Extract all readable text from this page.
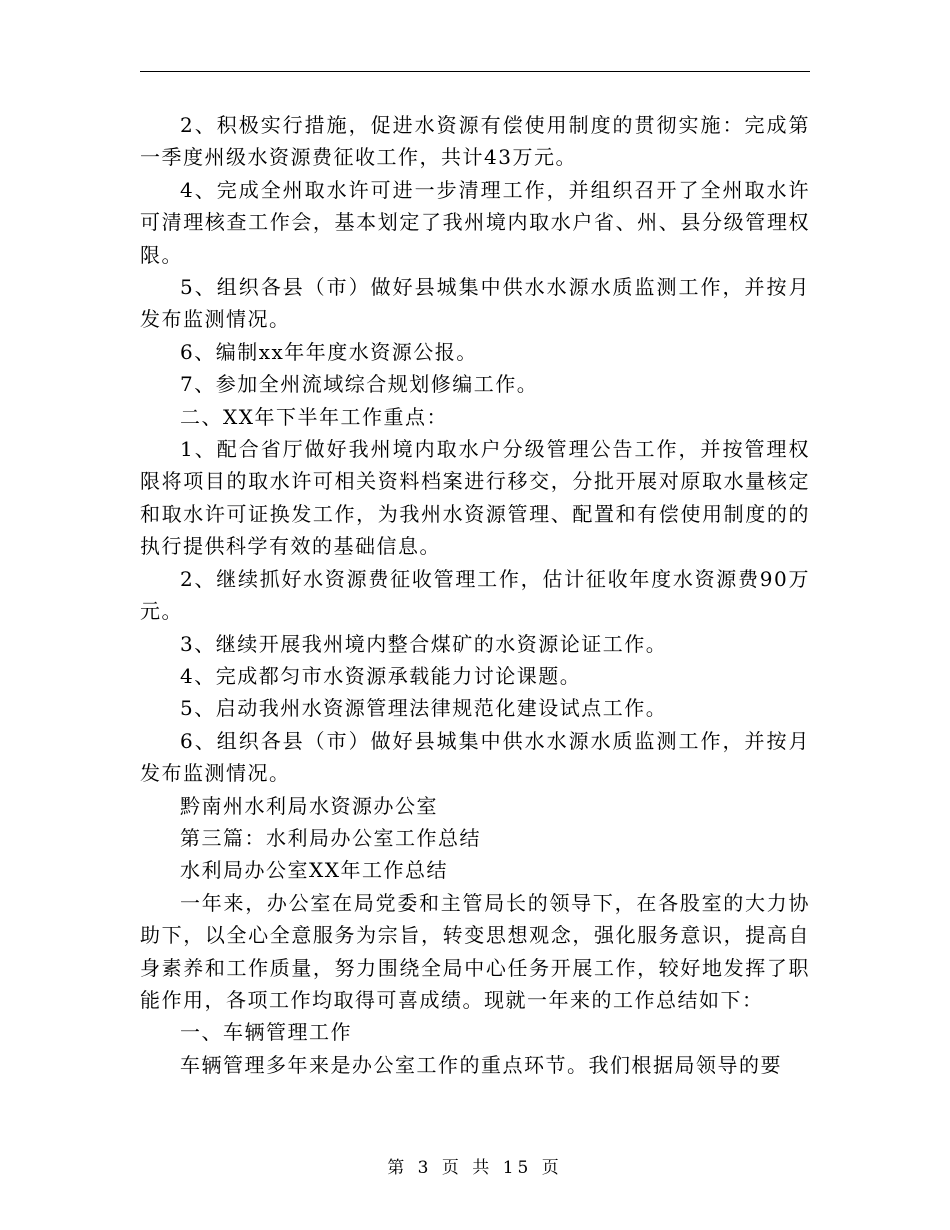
2、积极实行措施，促进水资源有偿使用制度的贯彻实施：完成第一季度州级水资源费征收工作，共计43万元。

4、完成全州取水许可进一步清理工作，并组织召开了全州取水许可清理核查工作会，基本划定了我州境内取水户省、州、县分级管理权限。

5、组织各县（市）做好县城集中供水水源水质监测工作，并按月发布监测情况。

6、编制xx年年度水资源公报。

7、参加全州流域综合规划修编工作。

二、XX年下半年工作重点：

1、配合省厅做好我州境内取水户分级管理公告工作，并按管理权限将项目的取水许可相关资料档案进行移交，分批开展对原取水量核定和取水许可证换发工作，为我州水资源管理、配置和有偿使用制度的的执行提供科学有效的基础信息。

2、继续抓好水资源费征收管理工作，估计征收年度水资源费90万元。

3、继续开展我州境内整合煤矿的水资源论证工作。

4、完成都匀市水资源承载能力讨论课题。

5、启动我州水资源管理法律规范化建设试点工作。

6、组织各县（市）做好县城集中供水水源水质监测工作，并按月发布监测情况。

黔南州水利局水资源办公室

第三篇：水利局办公室工作总结

水利局办公室XX年工作总结

一年来，办公室在局党委和主管局长的领导下，在各股室的大力协助下，以全心全意服务为宗旨，转变思想观念，强化服务意识，提高自身素养和工作质量，努力围绕全局中心任务开展工作，较好地发挥了职能作用，各项工作均取得可喜成绩。现就一年来的工作总结如下：

一、车辆管理工作

车辆管理多年来是办公室工作的重点环节。我们根据局领导的要

第 3 页 共 15 页
